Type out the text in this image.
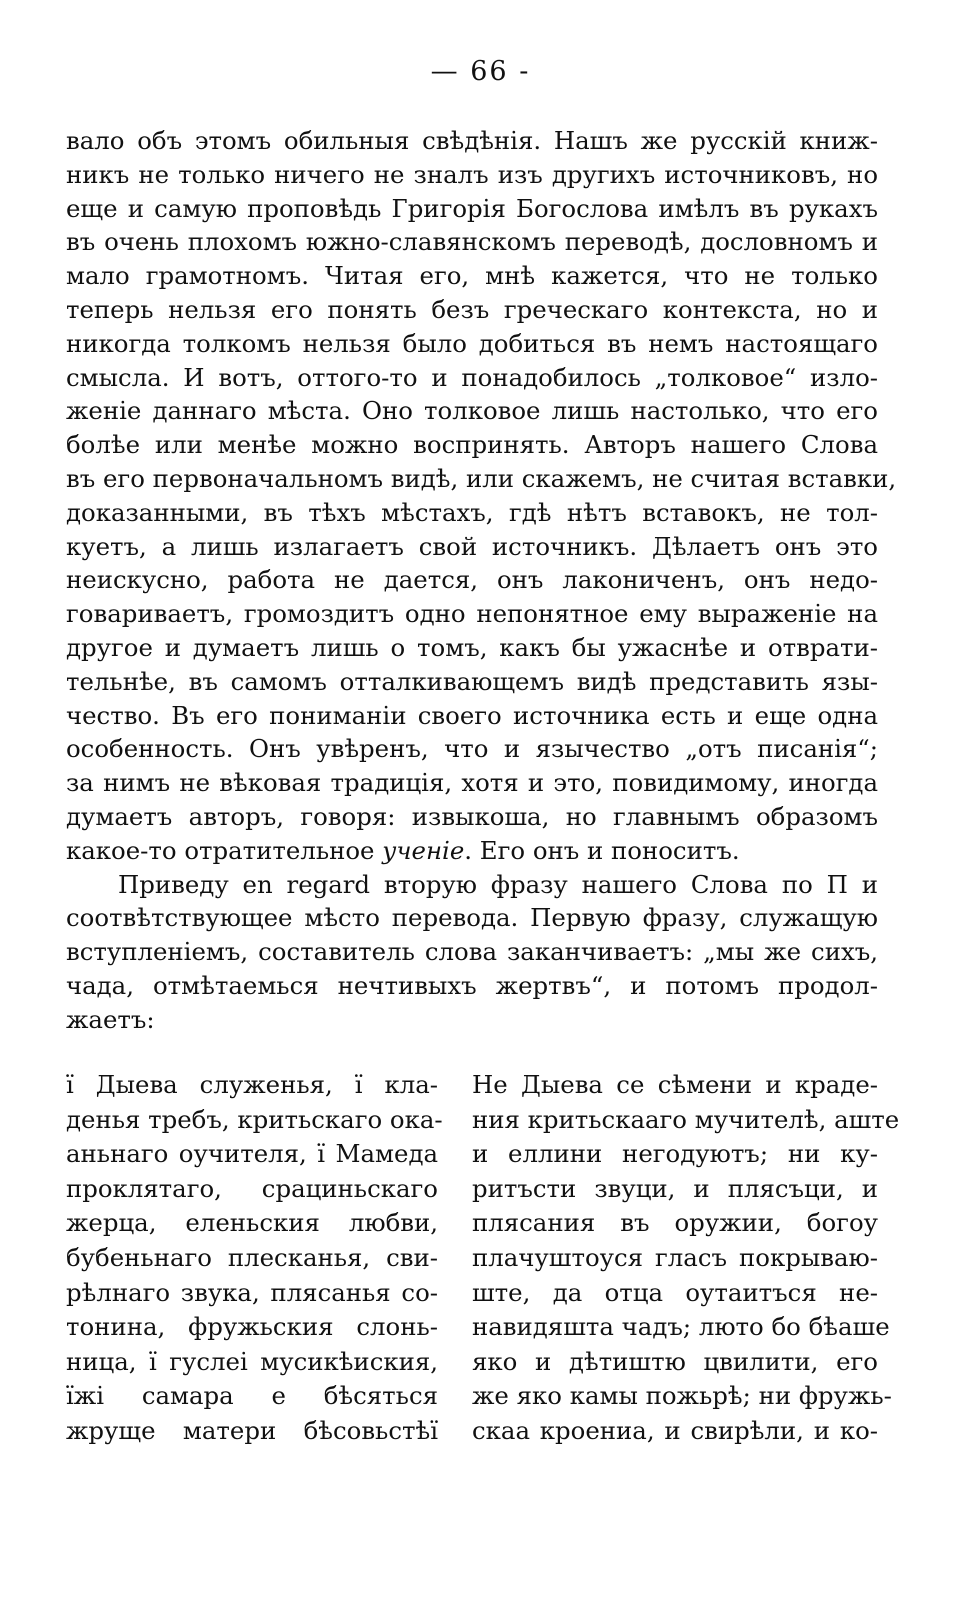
— 66 -
вало объ этомъ обильныя свѣдѣнія. Нашъ же русскій книж-
никъ не только ничего не зналъ изъ другихъ источниковъ, но
еще и самую проповѣдь Григорія Богослова имѣлъ въ рукахъ
въ очень плохомъ южно-славянскомъ переводѣ, дословномъ и
мало грамотномъ. Читая его, мнѣ кажется, что не только
теперь нельзя его понять безъ греческаго контекста, но и
никогда толкомъ нельзя было добиться въ немъ настоящаго
смысла. И вотъ, оттого-то и понадобилось „толковое“ изло-
женіе даннаго мѣста. Оно толковое лишь настолько, что его
болѣе или менѣе можно воспринять. Авторъ нашего Слова
въ его первоначальномъ видѣ, или скажемъ, не считая вставки,
доказанными, въ тѣхъ мѣстахъ, гдѣ нѣтъ вставокъ, не тол-
куетъ, а лишь излагаетъ свой источникъ. Дѣлаетъ онъ это
неискусно, работа не дается, онъ лакониченъ, онъ недо-
говариваетъ, громоздитъ одно непонятное ему выраженіе на
другое и думаетъ лишь о томъ, какъ бы ужаснѣе и отврати-
тельнѣе, въ самомъ отталкивающемъ видѣ представить язы-
чество. Въ его пониманіи своего источника есть и еще одна
особенность. Онъ увѣренъ, что и язычество „отъ писанія“;
за нимъ не вѣковая традиція, хотя и это, повидимому, иногда
думаетъ авторъ, говоря: извыкоша, но главнымъ образомъ
какое-то отратительное ученіе. Его онъ и поноситъ.
Приведу en regard вторую фразу нашего Слова по П и
соотвѣтствующее мѣсто перевода. Первую фразу, служащую
вступленіемъ, составитель слова заканчиваетъ: „мы же сихъ,
чада, отмѣтаемься нечтивыхъ жертвъ“, и потомъ продол-
жаетъ:
ї Дыева служенья, ї кла-
денья требъ, критьскаго ока-
аньнаго оучителя, ї Мамеда
проклятаго, срациньскаго
жерца, еленьския любви,
бубеньнаго плесканья, сви-
рѣлнаго звука, плясанья со-
тонина, фружьския слонь-
ница, ї гуслеі мусикѣиския,
їжі самара е бѣсяться
жруще матери бѣсовьстѣї
Не Дыева се сѣмени и краде-
ния критьскааго мучителѣ, аште
и еллини негодуютъ; ни ку-
ритъсти звуци, и плясъци, и
плясания въ оружии, богоу
плачуштоуся гласъ покрываю-
ште, да отца оутаитъся не-
навидяшта чадъ; люто бо бѣаше
яко и дѣтиштю цвилити, его
же яко камы пожьрѣ; ни фружь-
скаа кроениа, и свирѣли, и ко-
